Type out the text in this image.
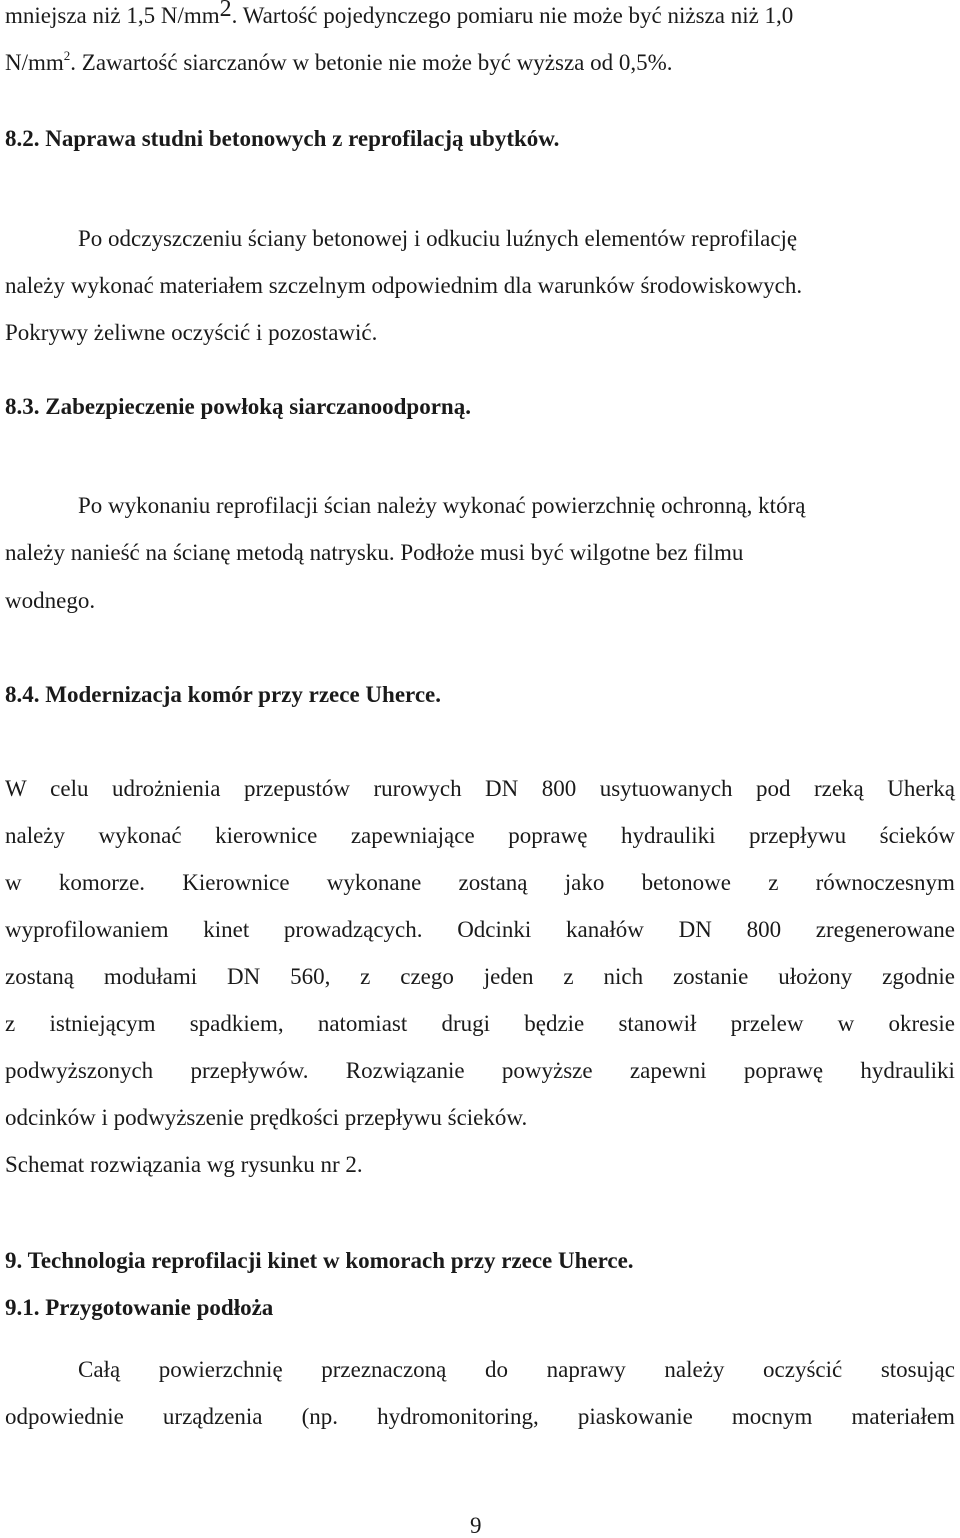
mniejsza niż 1,5 $N/mm^2$. Wartość pojedynczego pomiaru nie może być niższa niż 1,0
$N/mm^2$. Zawartość siarczanów w betonie nie może być wyższa od 0,5%.
8.2. Naprawa studni betonowych z reprofilacją ubytków.
Po odczyszczeniu ściany betonowej i odkuciu luźnych elementów reprofilację
należy wykonać materiałem szczelnym odpowiednim dla warunków środowiskowych.
Pokrywy żeliwne oczyścić i pozostawić.
8.3. Zabezpieczenie powłoką siarczanoodporną.
Po wykonaniu reprofilacji ścian należy wykonać powierzchnię ochronną, którą
należy nanieść na ścianę metodą natrysku. Podłoże musi być wilgotne bez filmu
wodnego.
8.4. Modernizacja komór przy rzece Uherce.
W celu udrożnienia przepustów rurowych DN 800 usytuowanych pod rzeką Uherką
należy wykonać kierownice zapewniające poprawę hydrauliki przepływu ścieków
w komorze. Kierownice wykonane zostaną jako betonowe z równoczesnym
wyprofilowaniem kinet prowadzących. Odcinki kanałów DN 800 zregenerowane
zostaną modułami DN 560, z czego jeden z nich zostanie ułożony zgodnie
z istniejącym spadkiem, natomiast drugi będzie stanowił przelew w okresie
podwyższonych przepływów. Rozwiązanie powyższe zapewni poprawę hydrauliki
odcinków i podwyższenie prędkości przepływu ścieków.
Schemat rozwiązania wg rysunku nr 2.
9. Technologia reprofilacji kinet w komorach przy rzece Uherce.
9.1. Przygotowanie podłoża
Całą powierzchnię przeznaczoną do naprawy należy oczyścić stosując
odpowiednie urządzenia (np. hydromonitoring, piaskowanie mocnym materiałem
9
